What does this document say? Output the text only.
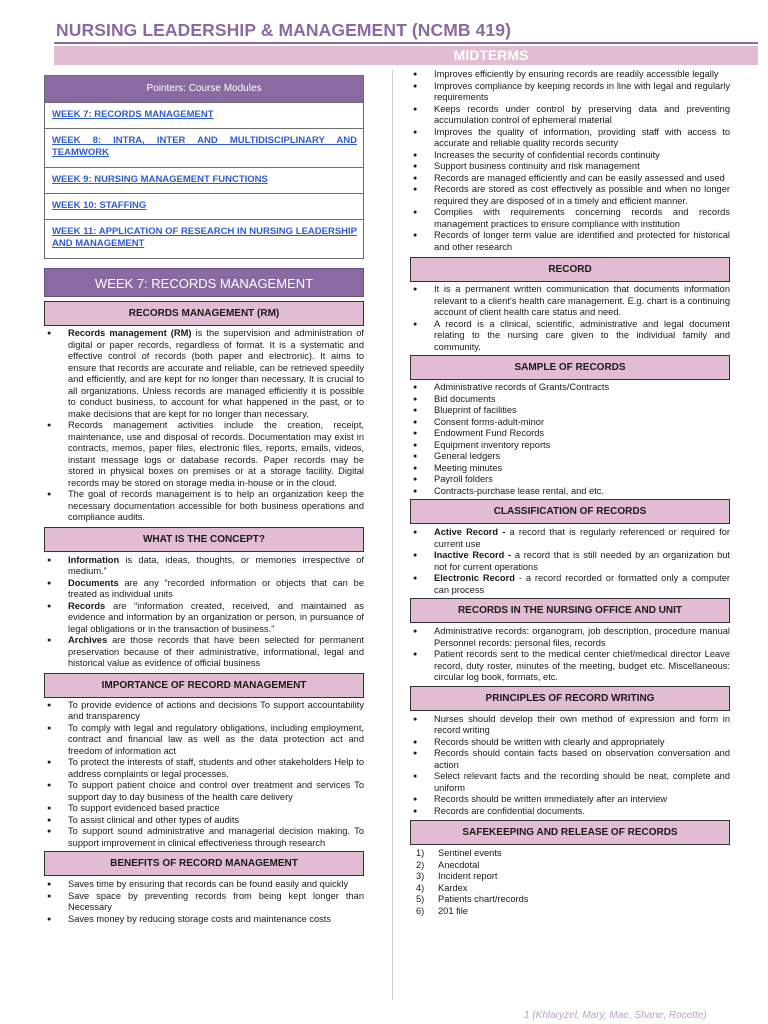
NURSING LEADERSHIP & MANAGEMENT (NCMB 419)
MIDTERMS
Pointers: Course Modules
WEEK 7: RECORDS MANAGEMENT
WEEK 8: INTRA, INTER AND MULTIDISCIPLINARY AND TEAMWORK
WEEK 9: NURSING MANAGEMENT FUNCTIONS
WEEK 10: STAFFING
WEEK 11: APPLICATION OF RESEARCH IN NURSING LEADERSHIP AND MANAGEMENT
WEEK 7: RECORDS MANAGEMENT
RECORDS MANAGEMENT (RM)
● Records management (RM) is the supervision and administration of digital or paper records, regardless of format. It is a systematic and effective control of records (both paper and electronic). It aims to ensure that records are accurate and reliable, can be retrieved speedily and efficiently, and are kept for no longer than necessary. It is crucial to all organizations. Unless records are managed efficiently it is possible to conduct business, to account for what happened in the past, or to make decisions that are kept for no longer than necessary.
● Records management activities include the creation, receipt, maintenance, use and disposal of records. Documentation may exist in contracts, memos, paper files, electronic files, reports, emails, videos, instant message logs or database records. Paper records may be stored in physical boxes on premises or at a storage facility. Digital records may be stored on storage media in-house or in the cloud.
● The goal of records management is to help an organization keep the necessary documentation accessible for both business operations and compliance audits.
WHAT IS THE CONCEPT?
● Information is data, ideas, thoughts, or memories irrespective of medium.”
● Documents are any “recorded information or objects that can be treated as individual units
● Records are “information created, received, and maintained as evidence and information by an organization or person, in pursuance of legal obligations or in the transaction of business.”
● Archives are those records that have been selected for permanent preservation because of their administrative, informational, legal and historical value as evidence of official business
IMPORTANCE OF RECORD MANAGEMENT
● To provide evidence of actions and decisions To support accountability and transparency
● To comply with legal and regulatory obligations, including employment, contract and financial law as well as the data protection act and freedom of information act
● To protect the interests of staff, students and other stakeholders Help to address complaints or legal processes.
● To support patient choice and control over treatment and services To support day to day business of the health care delivery
● To support evidenced based practice
● To assist clinical and other types of audits
● To support sound administrative and managerial decision making. To support improvement in clinical effectiveness through research
BENEFITS OF RECORD MANAGEMENT
● Saves time by ensuring that records can be found easily and quickly
● Save space by preventing records from being kept longer than Necessary
● Saves money by reducing storage costs and maintenance costs
● Improves efficiently by ensuring records are readily accessible legally
● Improves compliance by keeping records in line with legal and regularly requirements
● Keeps records under control by preserving data and preventing accumulation control of ephemeral material
● Improves the quality of information, providing staff with access to accurate and reliable quality records security
● Increases the security of confidential records continuity
● Support business continuity and risk management
● Records are managed efficiently and can be easily assessed and used
● Records are stored as cost effectively as possible and when no longer required they are disposed of in a timely and efficient manner.
● Complies with requirements concerning records and records management practices to ensure compliance with institution
● Records of longer term value are identified and protected for historical and other research
RECORD
● It is a permanent written communication that documents information relevant to a client's health care management. E.g. chart is a continuing account of client health care status and need.
● A record is a clinical, scientific, administrative and legal document relating to the nursing care given to the individual family and community.
SAMPLE OF RECORDS
● Administrative records of Grants/Contracts
● Bid documents
● Blueprint of facilities
● Consent forms-adult-minor
● Endowment Fund Records
● Equipment inventory reports
● General ledgers
● Meeting minutes
● Payroll folders
● Contracts-purchase lease rental, and etc.
CLASSIFICATION OF RECORDS
● Active Record - a record that is regularly referenced or required for current use
● Inactive Record - a record that is still needed by an organization but not for current operations
● Electronic Record - a record recorded or formatted only a computer can process
RECORDS IN THE NURSING OFFICE AND UNIT
● Administrative records: organogram, job description, procedure manual Personnel records: personal files, records
● Patient records sent to the medical center chief/medical director Leave record, duty roster, minutes of the meeting, budget etc. Miscellaneous: circular log book, formats, etc.
PRINCIPLES OF RECORD WRITING
● Nurses should develop their own method of expression and form in record writing
● Records should be written with clearly and appropriately
● Records should contain facts based on observation conversation and action
● Select relevant facts and the recording should be neat, complete and uniform
● Records should be written immediately after an interview
● Records are confidential documents.
SAFEKEEPING AND RELEASE OF RECORDS
1) Sentinel events
2) Anecdotal
3) Incident report
4) Kardex
5) Patients chart/records
6) 201 file
1 (Khlaryzel, Mary, Mae, Shane, Rocette)
